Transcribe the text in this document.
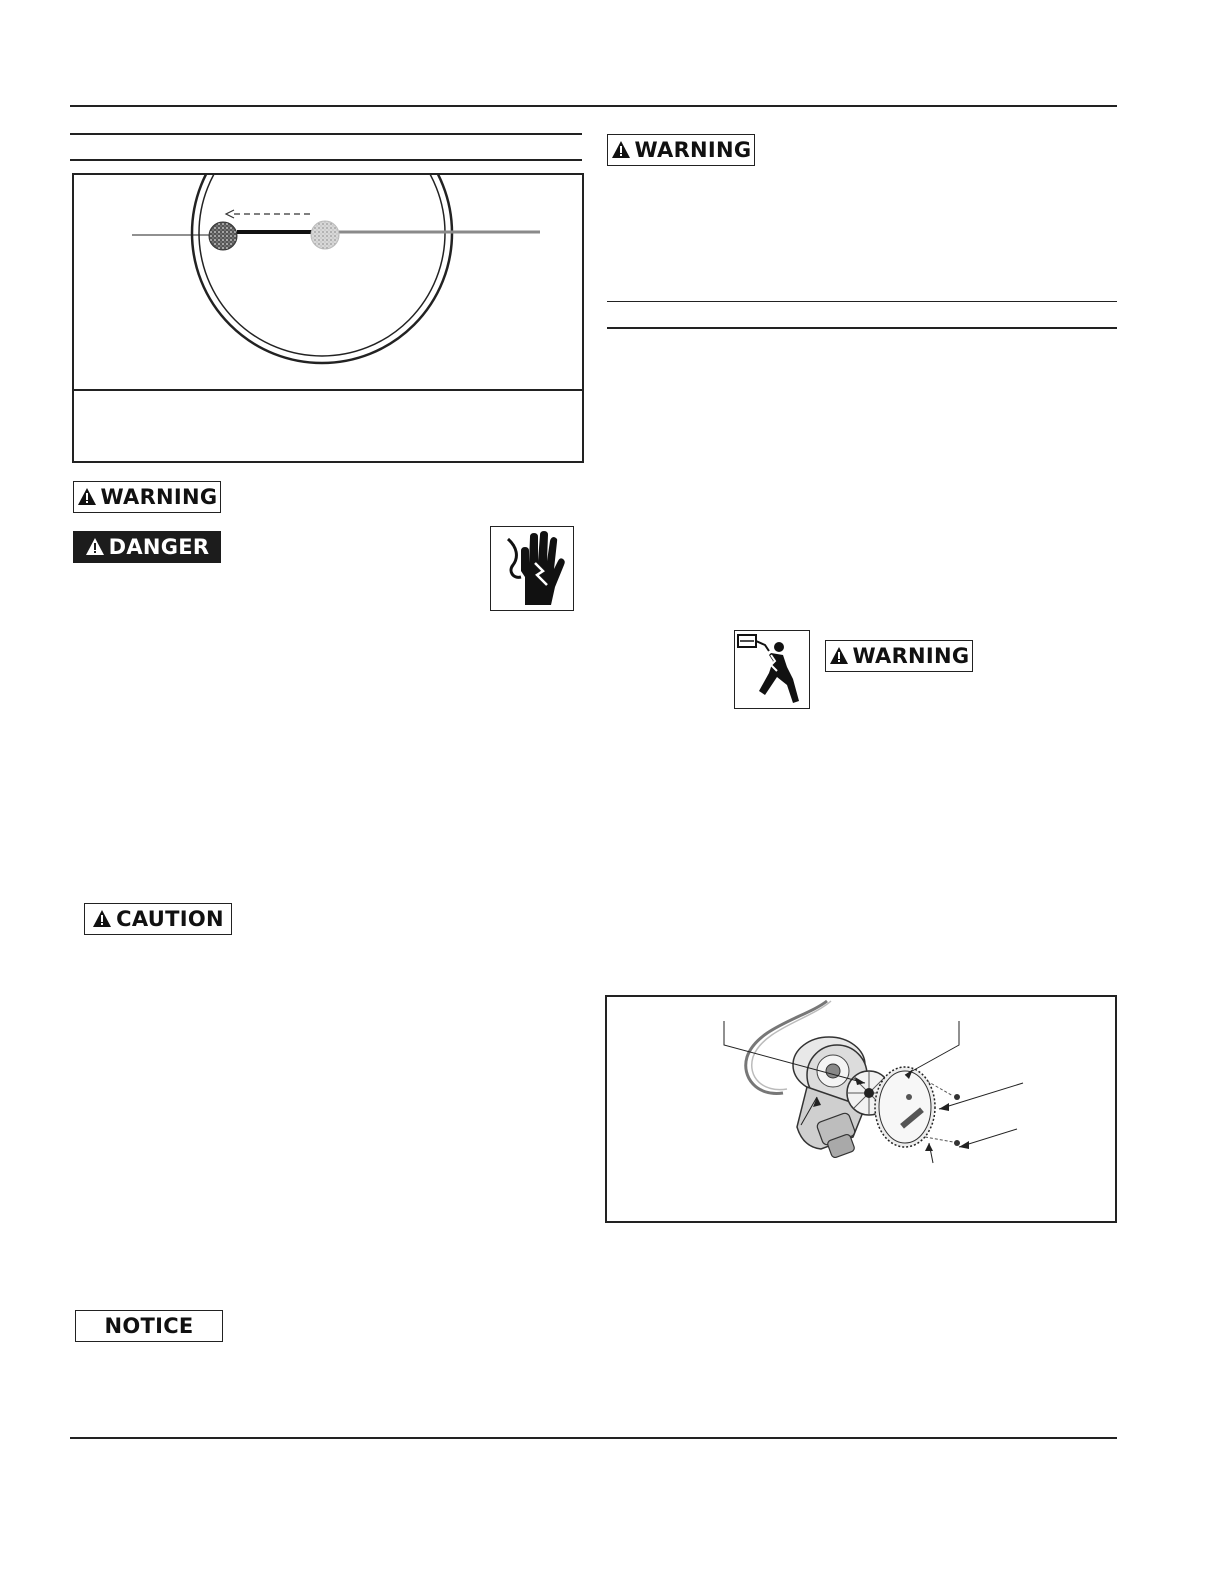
WARNING
DANGER
CAUTION
NOTICE
WARNING
WARNING
